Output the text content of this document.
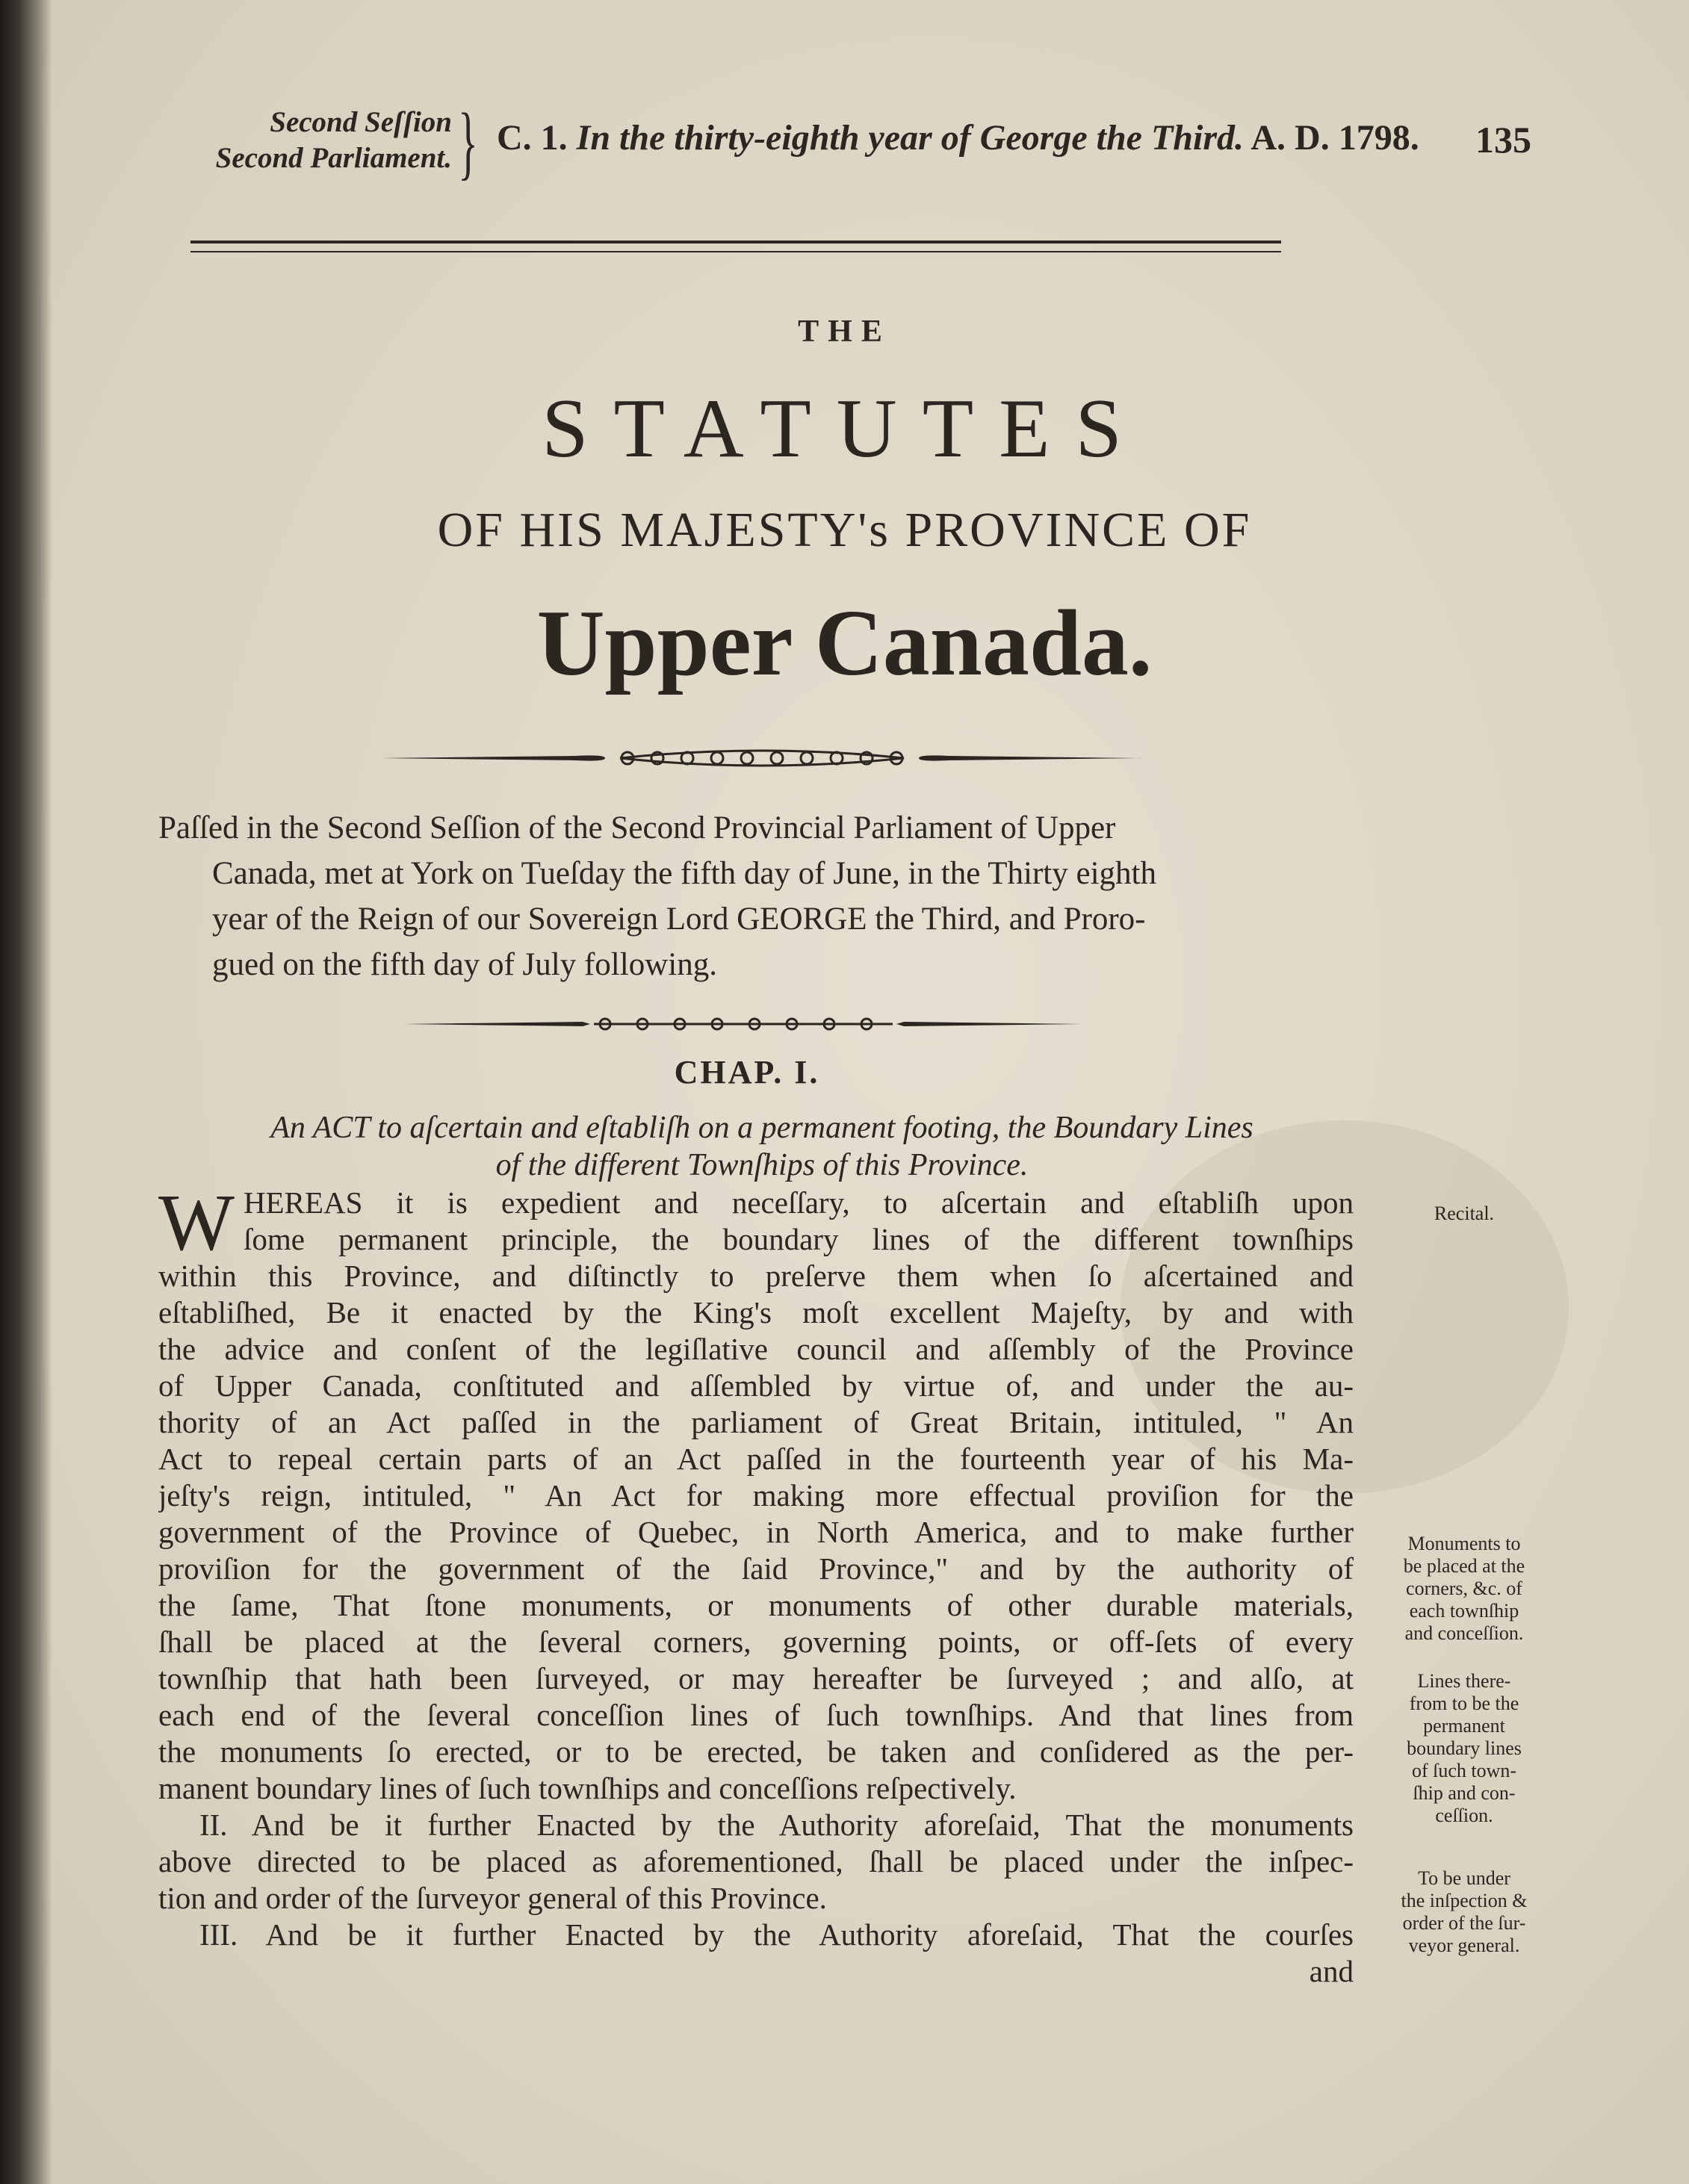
Second Seſſion
Second Parliament. } C. 1. In the thirty-eighth year of George the Third. A. D. 1798.	135
THE
STATUTES
OF HIS MAJESTY's PROVINCE OF
Upper Canada.
Paſſed in the Second Seſſion of the Second Provincial Parliament of Upper
Canada, met at York on Tueſday the fifth day of June, in the Thirty eighth
year of the Reign of our Sovereign Lord GEORGE the Third, and Proro-
gued on the fifth day of July following.
CHAP. I.
An ACT to aſcertain and eſtabliſh on a permanent footing, the Boundary Lines
of the different Townſhips of this Province.
W HEREAS it is expedient and neceſſary, to aſcertain and eſtabliſh upon
ſome permanent principle, the boundary lines of the different townſhips
within this Province, and diſtinctly to preſerve them when ſo aſcertained and
eſtabliſhed, Be it enacted by the King's moſt excellent Majeſty, by and with
the advice and conſent of the legiſlative council and aſſembly of the Province
of Upper Canada, conſtituted and aſſembled by virtue of, and under the au-
thority of an Act paſſed in the parliament of Great Britain, intituled, " An
Act to repeal certain parts of an Act paſſed in the fourteenth year of his Ma-
jeſty's reign, intituled, " An Act for making more effectual proviſion for the
government of the Province of Quebec, in North America, and to make further
proviſion for the government of the ſaid Province," and by the authority of
the ſame, That ſtone monuments, or monuments of other durable materials,
ſhall be placed at the ſeveral corners, governing points, or off-ſets of every
townſhip that hath been ſurveyed, or may hereafter be ſurveyed ; and alſo, at
each end of the ſeveral conceſſion lines of ſuch townſhips. And that lines from
the monuments ſo erected, or to be erected, be taken and conſidered as the per-
manent boundary lines of ſuch townſhips and conceſſions reſpectively.
II. And be it further Enacted by the Authority aforeſaid, That the monuments
above directed to be placed as aforementioned, ſhall be placed under the inſpec-
tion and order of the ſurveyor general of this Province.
III. And be it further Enacted by the Authority aforeſaid, That the courſes
and
Recital.
Monuments to
be placed at the
corners, &c. of
each townſhip
and conceſſion.
Lines there-
from to be the
permanent
boundary lines
of ſuch town-
ſhip and con-
ceſſion.
To be under
the inſpection &
order of the ſur-
veyor general.
